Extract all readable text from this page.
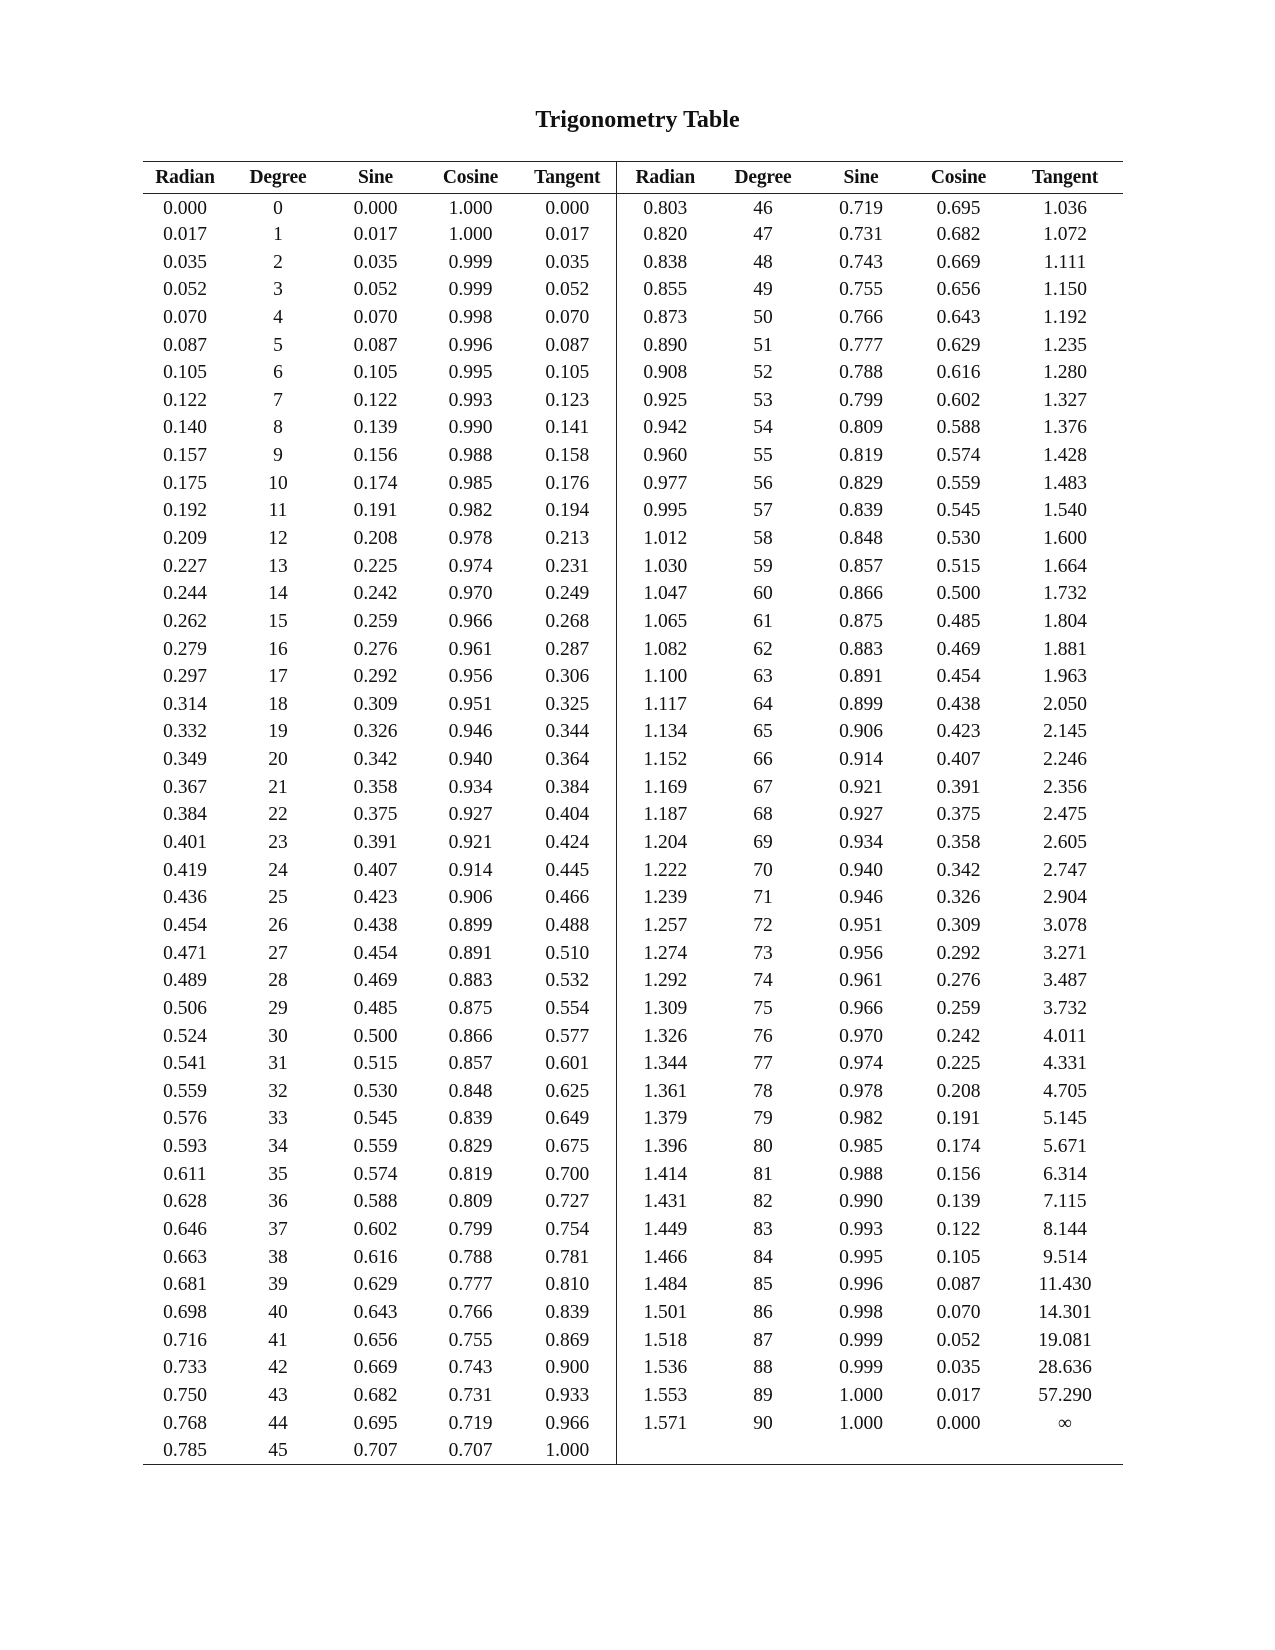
Trigonometry Table
Radian	Degree	Sine	Cosine	Tangent	Radian	Degree	Sine	Cosine	Tangent
0.000	0	0.000	1.000	0.000	0.803	46	0.719	0.695	1.036
0.017	1	0.017	1.000	0.017	0.820	47	0.731	0.682	1.072
0.035	2	0.035	0.999	0.035	0.838	48	0.743	0.669	1.111
0.052	3	0.052	0.999	0.052	0.855	49	0.755	0.656	1.150
0.070	4	0.070	0.998	0.070	0.873	50	0.766	0.643	1.192
0.087	5	0.087	0.996	0.087	0.890	51	0.777	0.629	1.235
0.105	6	0.105	0.995	0.105	0.908	52	0.788	0.616	1.280
0.122	7	0.122	0.993	0.123	0.925	53	0.799	0.602	1.327
0.140	8	0.139	0.990	0.141	0.942	54	0.809	0.588	1.376
0.157	9	0.156	0.988	0.158	0.960	55	0.819	0.574	1.428
0.175	10	0.174	0.985	0.176	0.977	56	0.829	0.559	1.483
0.192	11	0.191	0.982	0.194	0.995	57	0.839	0.545	1.540
0.209	12	0.208	0.978	0.213	1.012	58	0.848	0.530	1.600
0.227	13	0.225	0.974	0.231	1.030	59	0.857	0.515	1.664
0.244	14	0.242	0.970	0.249	1.047	60	0.866	0.500	1.732
0.262	15	0.259	0.966	0.268	1.065	61	0.875	0.485	1.804
0.279	16	0.276	0.961	0.287	1.082	62	0.883	0.469	1.881
0.297	17	0.292	0.956	0.306	1.100	63	0.891	0.454	1.963
0.314	18	0.309	0.951	0.325	1.117	64	0.899	0.438	2.050
0.332	19	0.326	0.946	0.344	1.134	65	0.906	0.423	2.145
0.349	20	0.342	0.940	0.364	1.152	66	0.914	0.407	2.246
0.367	21	0.358	0.934	0.384	1.169	67	0.921	0.391	2.356
0.384	22	0.375	0.927	0.404	1.187	68	0.927	0.375	2.475
0.401	23	0.391	0.921	0.424	1.204	69	0.934	0.358	2.605
0.419	24	0.407	0.914	0.445	1.222	70	0.940	0.342	2.747
0.436	25	0.423	0.906	0.466	1.239	71	0.946	0.326	2.904
0.454	26	0.438	0.899	0.488	1.257	72	0.951	0.309	3.078
0.471	27	0.454	0.891	0.510	1.274	73	0.956	0.292	3.271
0.489	28	0.469	0.883	0.532	1.292	74	0.961	0.276	3.487
0.506	29	0.485	0.875	0.554	1.309	75	0.966	0.259	3.732
0.524	30	0.500	0.866	0.577	1.326	76	0.970	0.242	4.011
0.541	31	0.515	0.857	0.601	1.344	77	0.974	0.225	4.331
0.559	32	0.530	0.848	0.625	1.361	78	0.978	0.208	4.705
0.576	33	0.545	0.839	0.649	1.379	79	0.982	0.191	5.145
0.593	34	0.559	0.829	0.675	1.396	80	0.985	0.174	5.671
0.611	35	0.574	0.819	0.700	1.414	81	0.988	0.156	6.314
0.628	36	0.588	0.809	0.727	1.431	82	0.990	0.139	7.115
0.646	37	0.602	0.799	0.754	1.449	83	0.993	0.122	8.144
0.663	38	0.616	0.788	0.781	1.466	84	0.995	0.105	9.514
0.681	39	0.629	0.777	0.810	1.484	85	0.996	0.087	11.430
0.698	40	0.643	0.766	0.839	1.501	86	0.998	0.070	14.301
0.716	41	0.656	0.755	0.869	1.518	87	0.999	0.052	19.081
0.733	42	0.669	0.743	0.900	1.536	88	0.999	0.035	28.636
0.750	43	0.682	0.731	0.933	1.553	89	1.000	0.017	57.290
0.768	44	0.695	0.719	0.966	1.571	90	1.000	0.000	∞
0.785	45	0.707	0.707	1.000					
